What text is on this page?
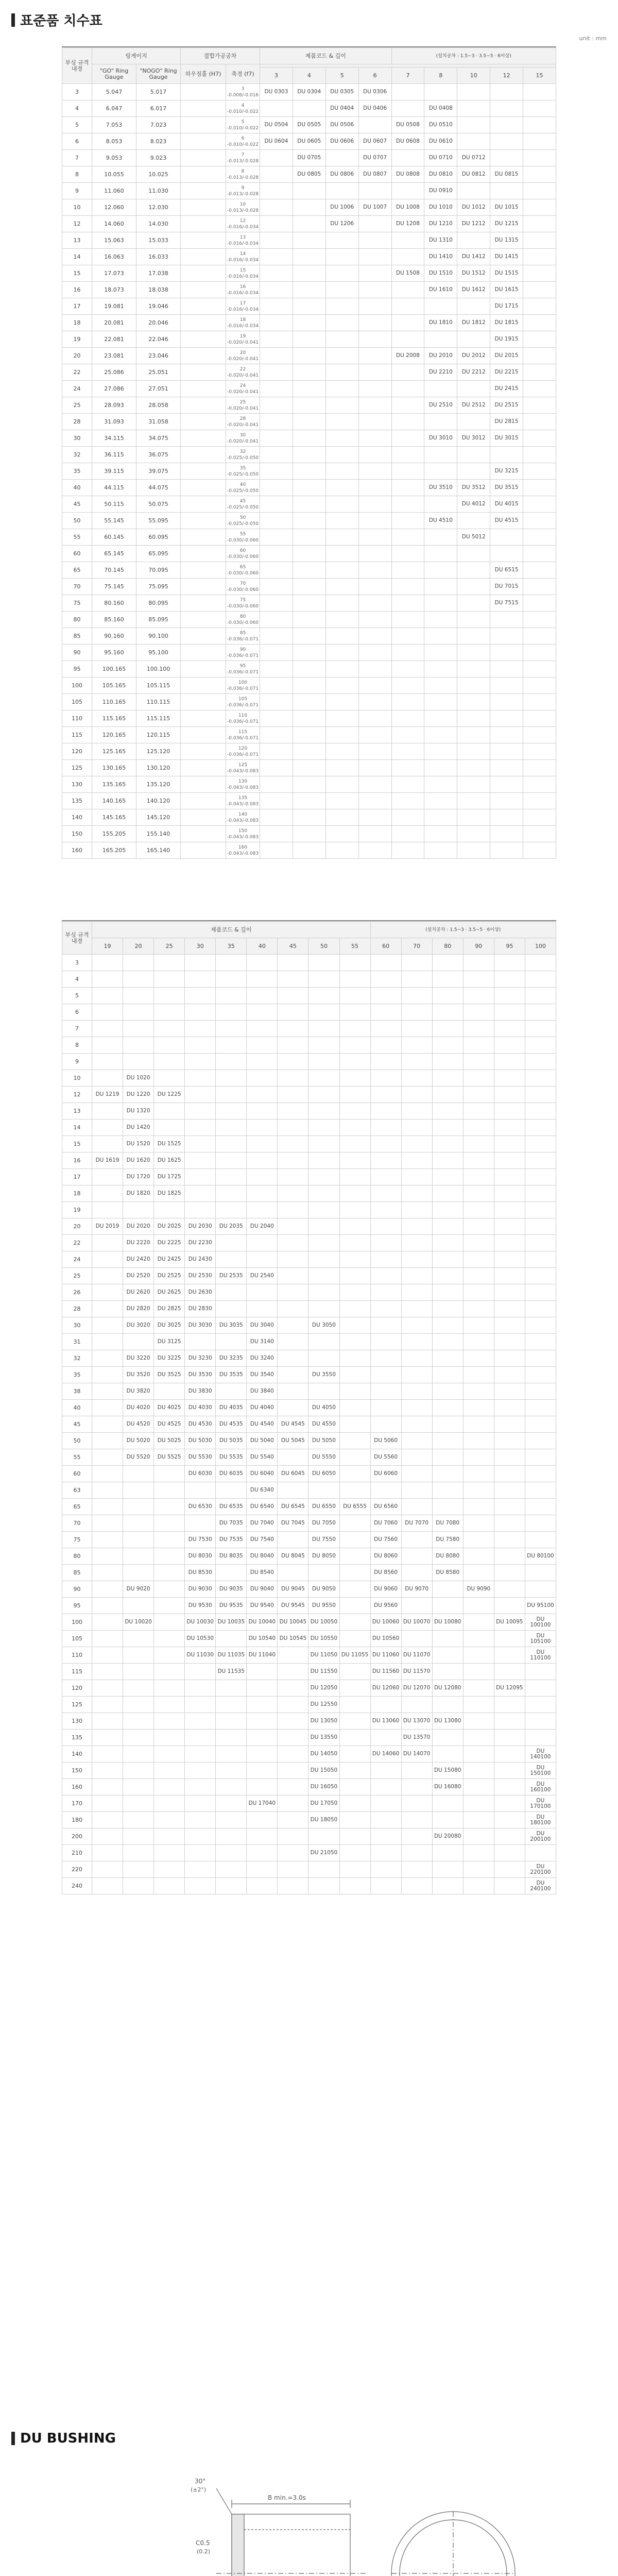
표준품 치수표
unit : mm
부싱 규격 내경	링게이지		결합가공공차		제품코드 & 길이				(설치공차 : 1.5~3 · 3.5~5 · 6이상)				
	"GO" Ring Gauge	"NOGO" Ring Gauge	하우징홀 (H7)	축경 (f7)									
					3	4	5	6	7	8	10	12	15
3	5.047	5.017		3 -0.006/-0.016	DU 0303	DU 0304	DU 0305	DU 0306					
4	6.047	6.017		4 -0.010/-0.022			DU 0404	DU 0406		DU 0408			
5	7.053	7.023		5 -0.010/-0.022	DU 0504	DU 0505	DU 0506		DU 0508	DU 0510			
6	8.053	8.023		6 -0.010/-0.022	DU 0604	DU 0605	DU 0606	DU 0607	DU 0608	DU 0610			
7	9.053	9.023		7 -0.013/-0.028		DU 0705		DU 0707		DU 0710	DU 0712		
8	10.055	10.025		8 -0.013/-0.028		DU 0805	DU 0806	DU 0807	DU 0808	DU 0810	DU 0812	DU 0815	
9	11.060	11.030		9 -0.013/-0.028						DU 0910			
10	12.060	12.030		10 -0.013/-0.028			DU 1006	DU 1007	DU 1008	DU 1010	DU 1012	DU 1015	
12	14.060	14.030		12 -0.016/-0.034			DU 1206		DU 1208	DU 1210	DU 1212	DU 1215	
13	15.063	15.033		13 -0.016/-0.034						DU 1310		DU 1315	
14	16.063	16.033		14 -0.016/-0.034						DU 1410	DU 1412	DU 1415	
15	17.073	17.038		15 -0.016/-0.034					DU 1508	DU 1510	DU 1512	DU 1515	
16	18.073	18.038		16 -0.016/-0.034						DU 1610	DU 1612	DU 1615	
17	19.081	19.046		17 -0.016/-0.034								DU 1715	
18	20.081	20.046		18 -0.016/-0.034						DU 1810	DU 1812	DU 1815	
19	22.081	22.046		19 -0.020/-0.041								DU 1915	
20	23.081	23.046		20 -0.020/-0.041					DU 2008	DU 2010	DU 2012	DU 2015	
22	25.086	25.051		22 -0.020/-0.041						DU 2210	DU 2212	DU 2215	
24	27.086	27.051		24 -0.020/-0.041								DU 2415	
25	28.093	28.058		25 -0.020/-0.041						DU 2510	DU 2512	DU 2515	
28	31.093	31.058		28 -0.020/-0.041								DU 2815	
30	34.115	34.075		30 -0.020/-0.041						DU 3010	DU 3012	DU 3015	
32	36.115	36.075		32 -0.025/-0.050									
35	39.115	39.075		35 -0.025/-0.050								DU 3215	
40	44.115	44.075		40 -0.025/-0.050						DU 3510	DU 3512	DU 3515	
45	50.115	50.075		45 -0.025/-0.050							DU 4012	DU 4015	
50	55.145	55.095		50 -0.025/-0.050						DU 4510		DU 4515	
55	60.145	60.095		55 -0.030/-0.060							DU 5012		
60	65.145	65.095		60 -0.030/-0.060									
65	70.145	70.095		65 -0.030/-0.060								DU 6515	
70	75.145	75.095		70 -0.030/-0.060								DU 7015	
75	80.160	80.095		75 -0.030/-0.060								DU 7515	
80	85.160	85.095		80 -0.030/-0.060									
85	90.160	90.100		85 -0.036/-0.071									
90	95.160	95.100		90 -0.036/-0.071									
95	100.165	100.100		95 -0.036/-0.071									
100	105.165	105.115		100 -0.036/-0.071									
105	110.165	110.115		105 -0.036/-0.071									
110	115.165	115.115		110 -0.036/-0.071									
115	120.165	120.115		115 -0.036/-0.071									
120	125.165	125.120		120 -0.036/-0.071									
125	130.165	130.120		125 -0.043/-0.083									
130	135.165	135.120		130 -0.043/-0.083									
135	140.165	140.120		135 -0.043/-0.083									
140	145.165	145.120		140 -0.043/-0.083									
150	155.205	155.140		150 -0.043/-0.083									
160	165.205	165.140		160 -0.043/-0.083									
부싱 규격 내경	제품코드 & 길이									(설치공차 : 1.5~3 · 3.5~5 · 6이상)					
	19	20	25	30	35	40	45	50	55	60	70	80	90	95	100
3															
4															
5															
6															
7															
8															
9															
10		DU 1020													
12	DU 1219	DU 1220	DU 1225												
13		DU 1320													
14		DU 1420													
15		DU 1520	DU 1525												
16	DU 1619	DU 1620	DU 1625												
17		DU 1720	DU 1725												
18		DU 1820	DU 1825												
19															
20	DU 2019	DU 2020	DU 2025	DU 2030	DU 2035	DU 2040									
22		DU 2220	DU 2225	DU 2230											
24		DU 2420	DU 2425	DU 2430											
25		DU 2520	DU 2525	DU 2530	DU 2535	DU 2540									
26		DU 2620	DU 2625	DU 2630											
28		DU 2820	DU 2825	DU 2830											
30		DU 3020	DU 3025	DU 3030	DU 3035	DU 3040		DU 3050							
31			DU 3125			DU 3140									
32		DU 3220	DU 3225	DU 3230	DU 3235	DU 3240									
35		DU 3520	DU 3525	DU 3530	DU 3535	DU 3540		DU 3550							
38		DU 3820		DU 3830		DU 3840									
40		DU 4020	DU 4025	DU 4030	DU 4035	DU 4040		DU 4050							
45		DU 4520	DU 4525	DU 4530	DU 4535	DU 4540	DU 4545	DU 4550							
50		DU 5020	DU 5025	DU 5030	DU 5035	DU 5040	DU 5045	DU 5050		DU 5060					
55		DU 5520	DU 5525	DU 5530	DU 5535	DU 5540		DU 5550		DU 5560					
60				DU 6030	DU 6035	DU 6040	DU 6045	DU 6050		DU 6060					
63						DU 6340									
65				DU 6530	DU 6535	DU 6540	DU 6545	DU 6550	DU 6555	DU 6560					
70					DU 7035	DU 7040	DU 7045	DU 7050		DU 7060	DU 7070	DU 7080			
75				DU 7530	DU 7535	DU 7540		DU 7550		DU 7560		DU 7580			
80				DU 8030	DU 8035	DU 8040	DU 8045	DU 8050		DU 8060		DU 8080			DU 80100
85				DU 8530		DU 8540				DU 8560		DU 8580			
90		DU 9020		DU 9030	DU 9035	DU 9040	DU 9045	DU 9050		DU 9060	DU 9070		DU 9090		
95				DU 9530	DU 9535	DU 9540	DU 9545	DU 9550		DU 9560					DU 95100
100		DU 10020		DU 10030	DU 10035	DU 10040	DU 10045	DU 10050		DU 10060	DU 10070	DU 10080		DU 10095	DU 100100
105				DU 10530		DU 10540	DU 10545	DU 10550		DU 10560					DU 105100
110				DU 11030	DU 11035	DU 11040		DU 11050	DU 11055	DU 11060	DU 11070				DU 110100
115					DU 11535			DU 11550		DU 11560	DU 11570				
120								DU 12050		DU 12060	DU 12070	DU 12080		DU 12095	
125								DU 12550							
130								DU 13050		DU 13060	DU 13070	DU 13080			
135								DU 13550			DU 13570				
140								DU 14050		DU 14060	DU 14070				DU 140100
150								DU 15050				DU 15080			DU 150100
160								DU 16050				DU 16080			DU 160100
170						DU 17040		DU 17050							DU 170100
180								DU 18050							DU 180100
200												DU 20080			DU 200100
210								DU 21050							
220															DU 220100
240															DU 240100
DU BUSHING
30°
(±2°)
C0.5
(0.2)
B min.=3.0s
